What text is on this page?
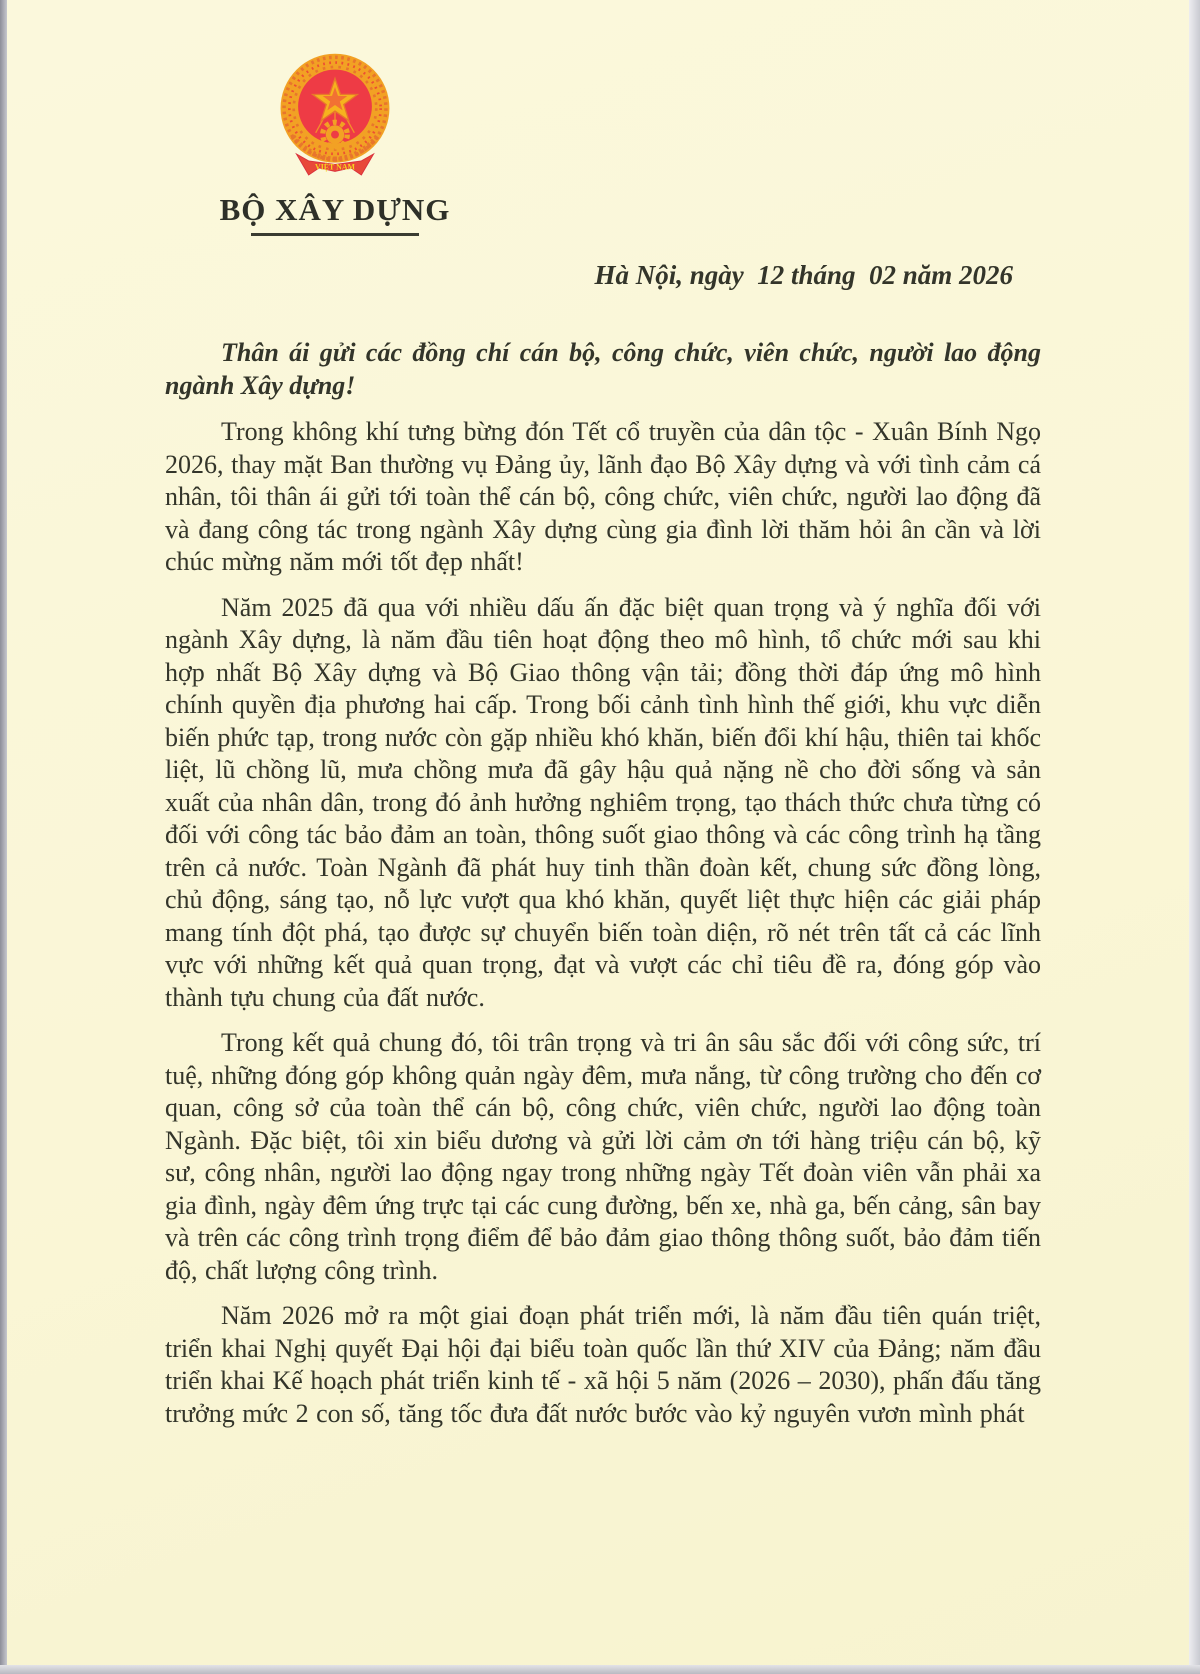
VIỆT NAM
BỘ XÂY DỰNG
Hà Nội, ngày  12 tháng  02 năm 2026
Thân ái gửi các đồng chí cán bộ, công chức, viên chức, người lao động ngành Xây dựng!

Trong không khí tưng bừng đón Tết cổ truyền của dân tộc - Xuân Bính Ngọ 2026, thay mặt Ban thường vụ Đảng ủy, lãnh đạo Bộ Xây dựng và với tình cảm cá nhân, tôi thân ái gửi tới toàn thể cán bộ, công chức, viên chức, người lao động đã và đang công tác trong ngành Xây dựng cùng gia đình lời thăm hỏi ân cần và lời chúc mừng năm mới tốt đẹp nhất!

Năm 2025 đã qua với nhiều dấu ấn đặc biệt quan trọng và ý nghĩa đối với ngành Xây dựng, là năm đầu tiên hoạt động theo mô hình, tổ chức mới sau khi hợp nhất Bộ Xây dựng và Bộ Giao thông vận tải; đồng thời đáp ứng mô hình chính quyền địa phương hai cấp. Trong bối cảnh tình hình thế giới, khu vực diễn biến phức tạp, trong nước còn gặp nhiều khó khăn, biến đổi khí hậu, thiên tai khốc liệt, lũ chồng lũ, mưa chồng mưa đã gây hậu quả nặng nề cho đời sống và sản xuất của nhân dân, trong đó ảnh hưởng nghiêm trọng, tạo thách thức chưa từng có đối với công tác bảo đảm an toàn, thông suốt giao thông và các công trình hạ tầng trên cả nước. Toàn Ngành đã phát huy tinh thần đoàn kết, chung sức đồng lòng, chủ động, sáng tạo, nỗ lực vượt qua khó khăn, quyết liệt thực hiện các giải pháp mang tính đột phá, tạo được sự chuyển biến toàn diện, rõ nét trên tất cả các lĩnh vực với những kết quả quan trọng, đạt và vượt các chỉ tiêu đề ra, đóng góp vào thành tựu chung của đất nước.

Trong kết quả chung đó, tôi trân trọng và tri ân sâu sắc đối với công sức, trí tuệ, những đóng góp không quản ngày đêm, mưa nắng, từ công trường cho đến cơ quan, công sở của toàn thể cán bộ, công chức, viên chức, người lao động toàn Ngành. Đặc biệt, tôi xin biểu dương và gửi lời cảm ơn tới hàng triệu cán bộ, kỹ sư, công nhân, người lao động ngay trong những ngày Tết đoàn viên vẫn phải xa gia đình, ngày đêm ứng trực tại các cung đường, bến xe, nhà ga, bến cảng, sân bay và trên các công trình trọng điểm để bảo đảm giao thông thông suốt, bảo đảm tiến độ, chất lượng công trình.

Năm 2026 mở ra một giai đoạn phát triển mới, là năm đầu tiên quán triệt, triển khai Nghị quyết Đại hội đại biểu toàn quốc lần thứ XIV của Đảng; năm đầu triển khai Kế hoạch phát triển kinh tế - xã hội 5 năm (2026 – 2030), phấn đấu tăng trưởng mức 2 con số, tăng tốc đưa đất nước bước vào kỷ nguyên vươn mình phát
